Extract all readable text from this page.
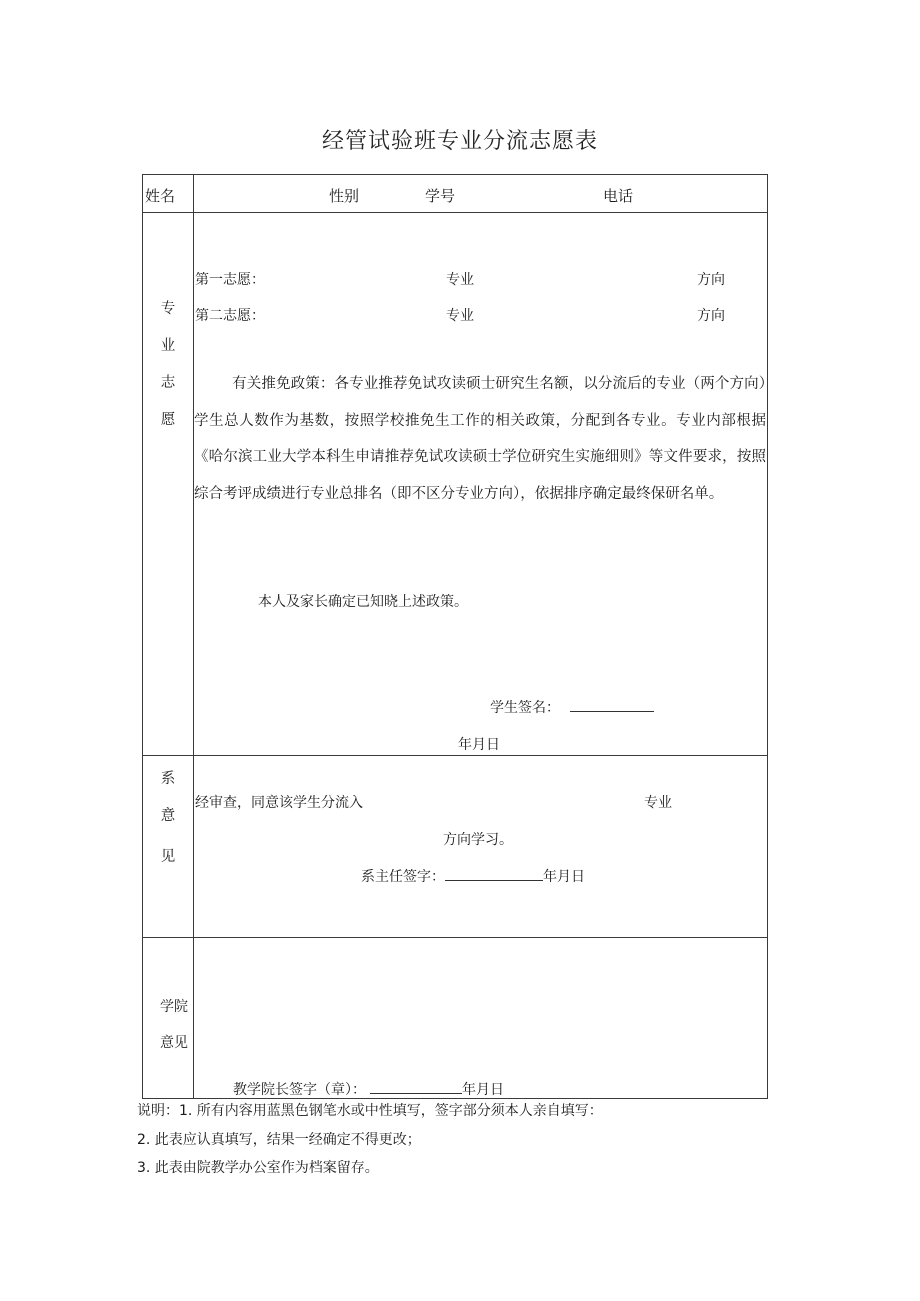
经管试验班专业分流志愿表
姓名	性别	学号	电话
专
业
志
愿
第一志愿：	专业	方向
第二志愿：	专业	方向
有关推免政策：各专业推荐免试攻读硕士研究生名额，以分流后的专业（两个方向）学生总人数作为基数，按照学校推免生工作的相关政策，分配到各专业。专业内部根据《哈尔滨工业大学本科生申请推荐免试攻读硕士学位研究生实施细则》等文件要求，按照综合考评成绩进行专业总排名（即不区分专业方向），依据排序确定最终保研名单。
本人及家长确定已知晓上述政策。
学生签名：
年月日
系
意
见
经审查，同意该学生分流入	专业
方向学习。
系主任签字：	年月日
学院
意见
教学院长签字（章）：	年月日
说明：1. 所有内容用蓝黑色钢笔水或中性填写，签字部分须本人亲自填写：
2. 此表应认真填写，结果一经确定不得更改；
3. 此表由院教学办公室作为档案留存。
